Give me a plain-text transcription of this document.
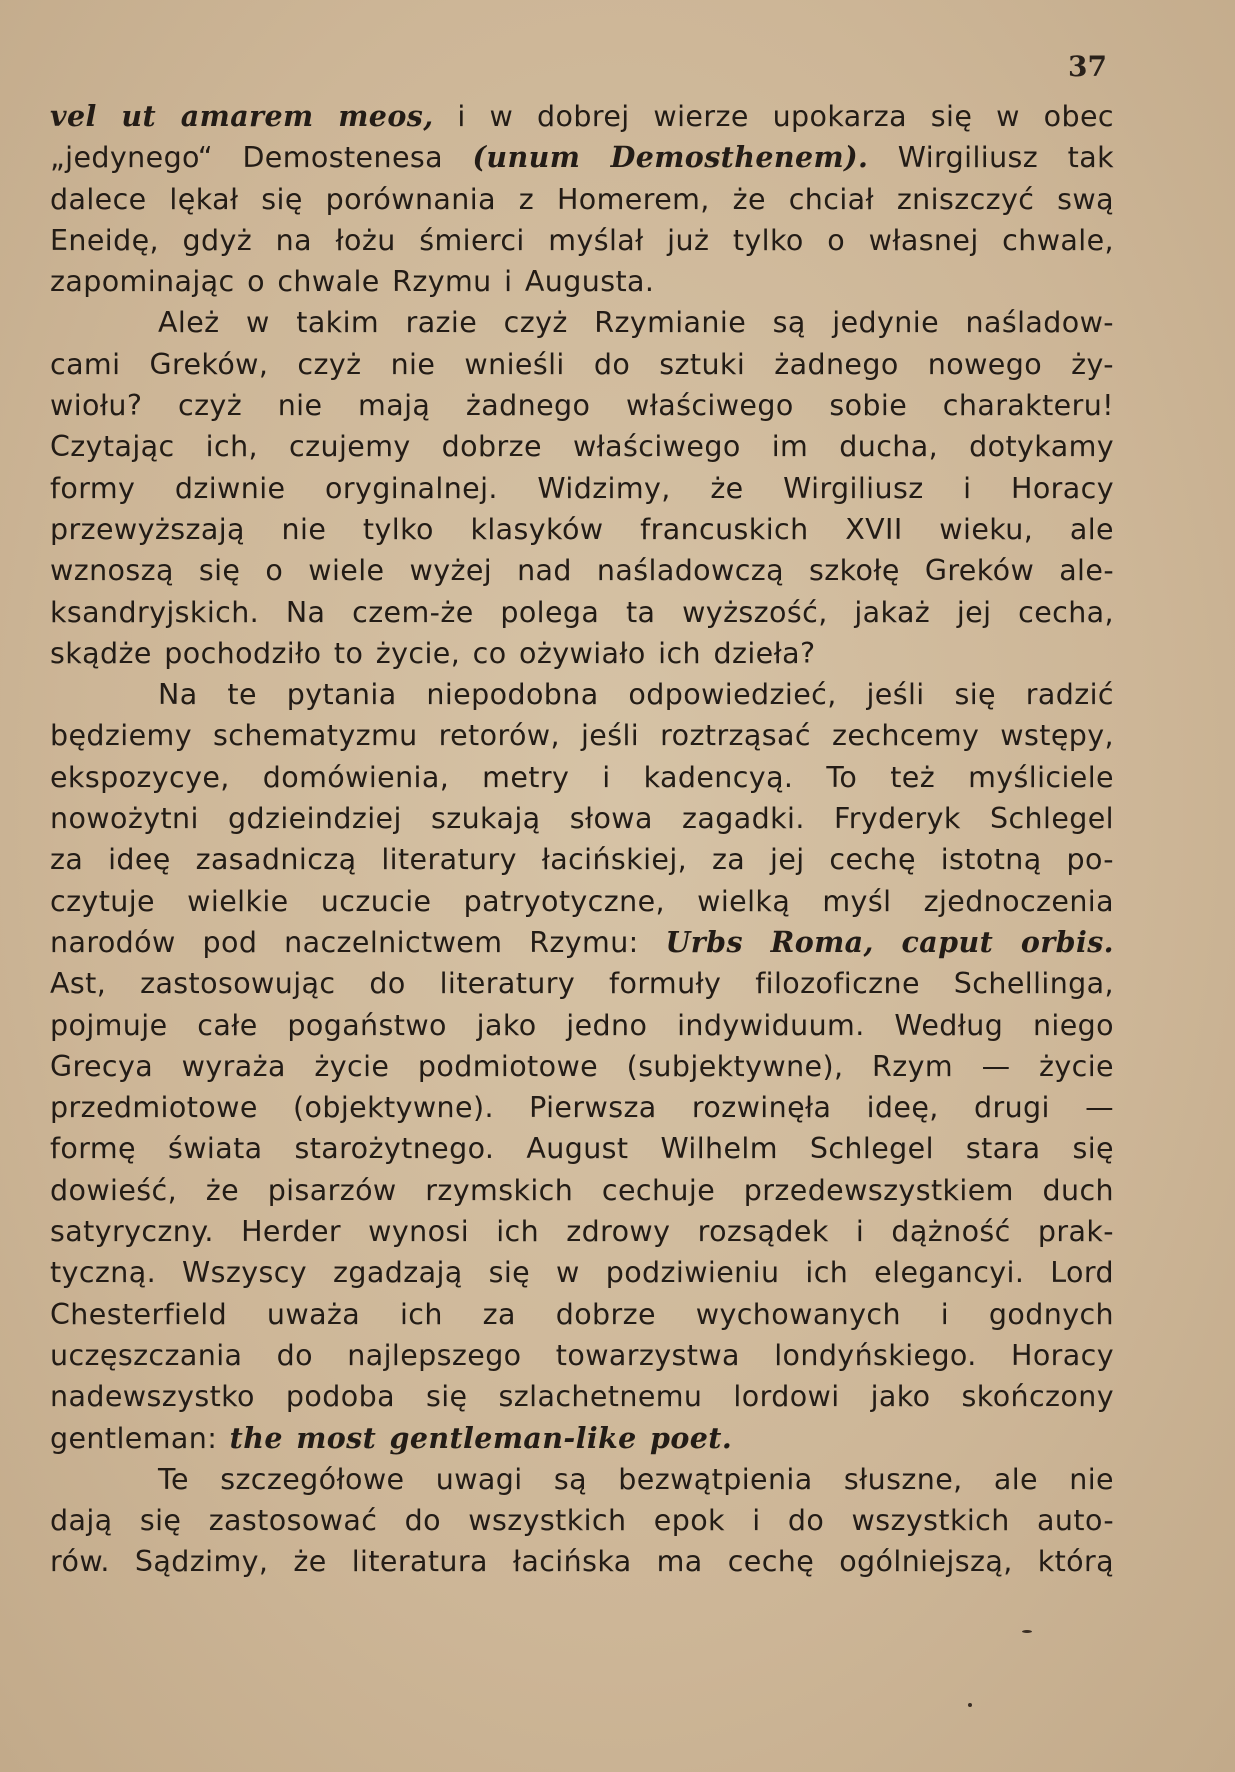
37
vel ut amarem meos, i w dobrej wierze upokarza się w obec
„jedynego“ Demostenesa (unum Demosthenem). Wirgiliusz tak
dalece lękał się porównania z Homerem, że chciał zniszczyć swą
Eneidę, gdyż na łożu śmierci myślał już tylko o własnej chwale,
zapominając o chwale Rzymu i Augusta.
Ależ w takim razie czyż Rzymianie są jedynie naśladow-
cami Greków, czyż nie wnieśli do sztuki żadnego nowego ży-
wiołu? czyż nie mają żadnego właściwego sobie charakteru!
Czytając ich, czujemy dobrze właściwego im ducha, dotykamy
formy dziwnie oryginalnej. Widzimy, że Wirgiliusz i Horacy
przewyższają nie tylko klasyków francuskich XVII wieku, ale
wznoszą się o wiele wyżej nad naśladowczą szkołę Greków ale-
ksandryjskich. Na czem-że polega ta wyższość, jakaż jej cecha,
skądże pochodziło to życie, co ożywiało ich dzieła?
Na te pytania niepodobna odpowiedzieć, jeśli się radzić
będziemy schematyzmu retorów, jeśli roztrząsać zechcemy wstępy,
ekspozycye, domówienia, metry i kadencyą. To też myśliciele
nowożytni gdzieindziej szukają słowa zagadki. Fryderyk Schlegel
za ideę zasadniczą literatury łacińskiej, za jej cechę istotną po-
czytuje wielkie uczucie patryotyczne, wielką myśl zjednoczenia
narodów pod naczelnictwem Rzymu: Urbs Roma, caput orbis.
Ast, zastosowując do literatury formuły filozoficzne Schellinga,
pojmuje całe pogaństwo jako jedno indywiduum. Według niego
Grecya wyraża życie podmiotowe (subjektywne), Rzym — życie
przedmiotowe (objektywne). Pierwsza rozwinęła ideę, drugi —
formę świata starożytnego. August Wilhelm Schlegel stara się
dowieść, że pisarzów rzymskich cechuje przedewszystkiem duch
satyryczny. Herder wynosi ich zdrowy rozsądek i dążność prak-
tyczną. Wszyscy zgadzają się w podziwieniu ich elegancyi. Lord
Chesterfield uważa ich za dobrze wychowanych i godnych
uczęszczania do najlepszego towarzystwa londyńskiego. Horacy
nadewszystko podoba się szlachetnemu lordowi jako skończony
gentleman: the most gentleman-like poet.
Te szczegółowe uwagi są bezwątpienia słuszne, ale nie
dają się zastosować do wszystkich epok i do wszystkich auto-
rów. Sądzimy, że literatura łacińska ma cechę ogólniejszą, którą
